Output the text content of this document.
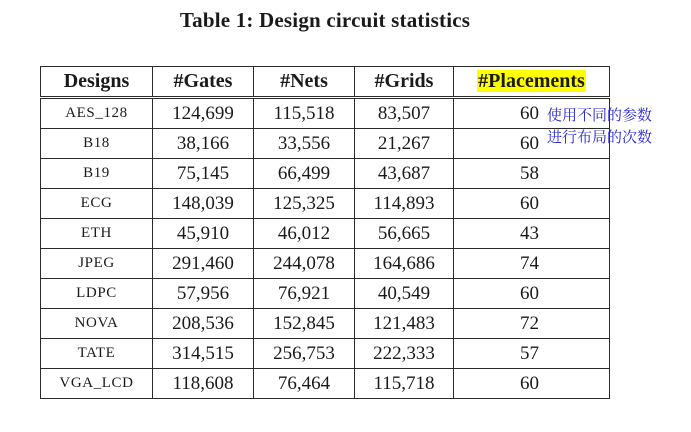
Table 1: Design circuit statistics
Designs	#Gates	#Nets	#Grids	#Placements
AES_128	124,699	115,518	83,507	60
B18	38,166	33,556	21,267	60
B19	75,145	66,499	43,687	58
ECG	148,039	125,325	114,893	60
ETH	45,910	46,012	56,665	43
JPEG	291,460	244,078	164,686	74
LDPC	57,956	76,921	40,549	60
NOVA	208,536	152,845	121,483	72
TATE	314,515	256,753	222,333	57
VGA_LCD	118,608	76,464	115,718	60
使用不同的参数
进行布局的次数
